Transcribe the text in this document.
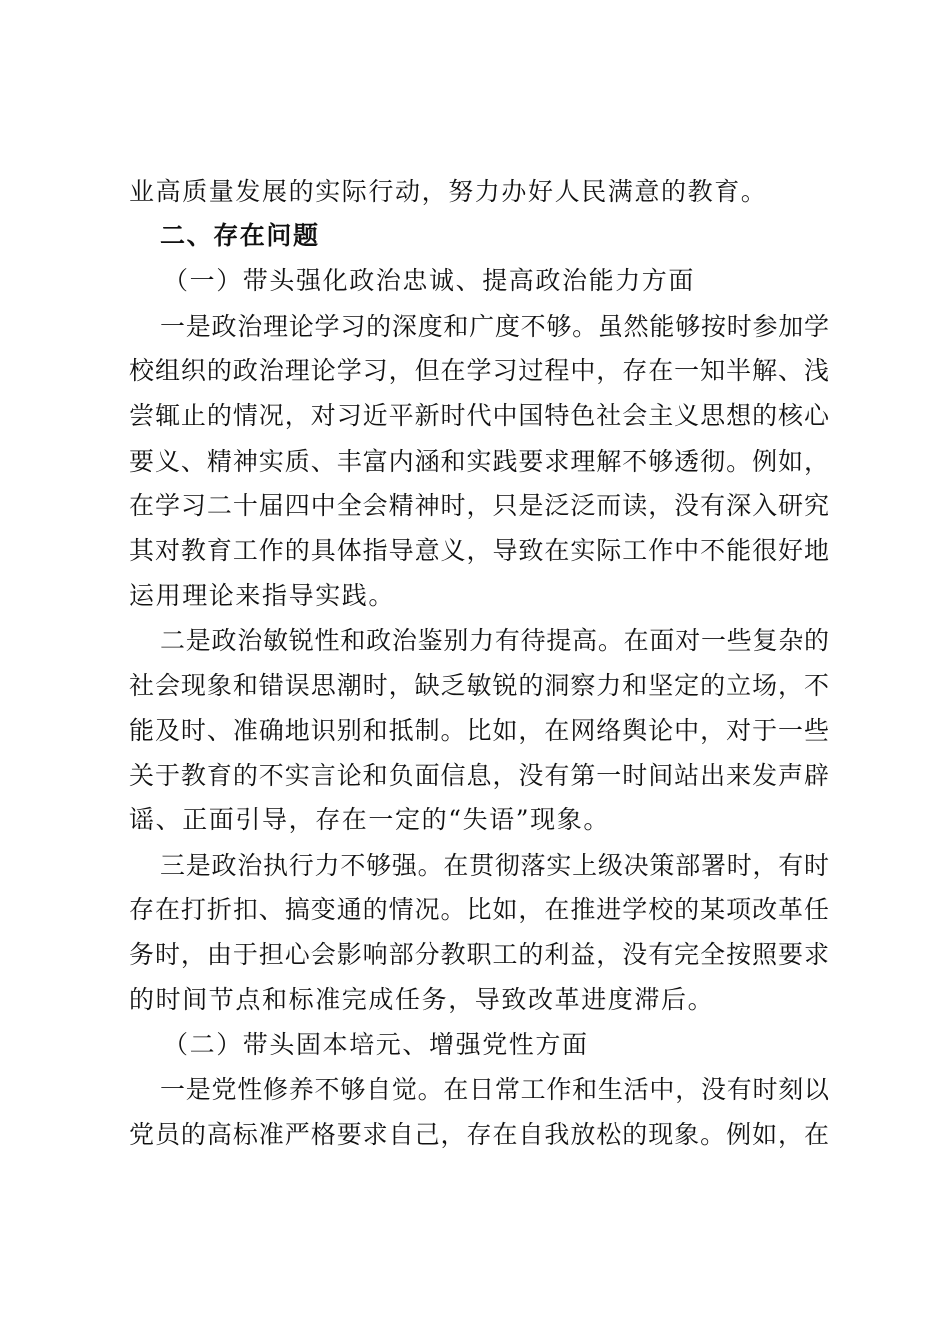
业高质量发展的实际行动，努力办好人民满意的教育。
二、存在问题
（一）带头强化政治忠诚、提高政治能力方面
一是政治理论学习的深度和广度不够。虽然能够按时参加学
校组织的政治理论学习，但在学习过程中，存在一知半解、浅
尝辄止的情况，对习近平新时代中国特色社会主义思想的核心
要义、精神实质、丰富内涵和实践要求理解不够透彻。例如，
在学习二十届四中全会精神时，只是泛泛而读，没有深入研究
其对教育工作的具体指导意义，导致在实际工作中不能很好地
运用理论来指导实践。
二是政治敏锐性和政治鉴别力有待提高。在面对一些复杂的
社会现象和错误思潮时，缺乏敏锐的洞察力和坚定的立场，不
能及时、准确地识别和抵制。比如，在网络舆论中，对于一些
关于教育的不实言论和负面信息，没有第一时间站出来发声辟
谣、正面引导，存在一定的“失语”现象。
三是政治执行力不够强。在贯彻落实上级决策部署时，有时
存在打折扣、搞变通的情况。比如，在推进学校的某项改革任
务时，由于担心会影响部分教职工的利益，没有完全按照要求
的时间节点和标准完成任务，导致改革进度滞后。
（二）带头固本培元、增强党性方面
一是党性修养不够自觉。在日常工作和生活中，没有时刻以
党员的高标准严格要求自己，存在自我放松的现象。例如，在
